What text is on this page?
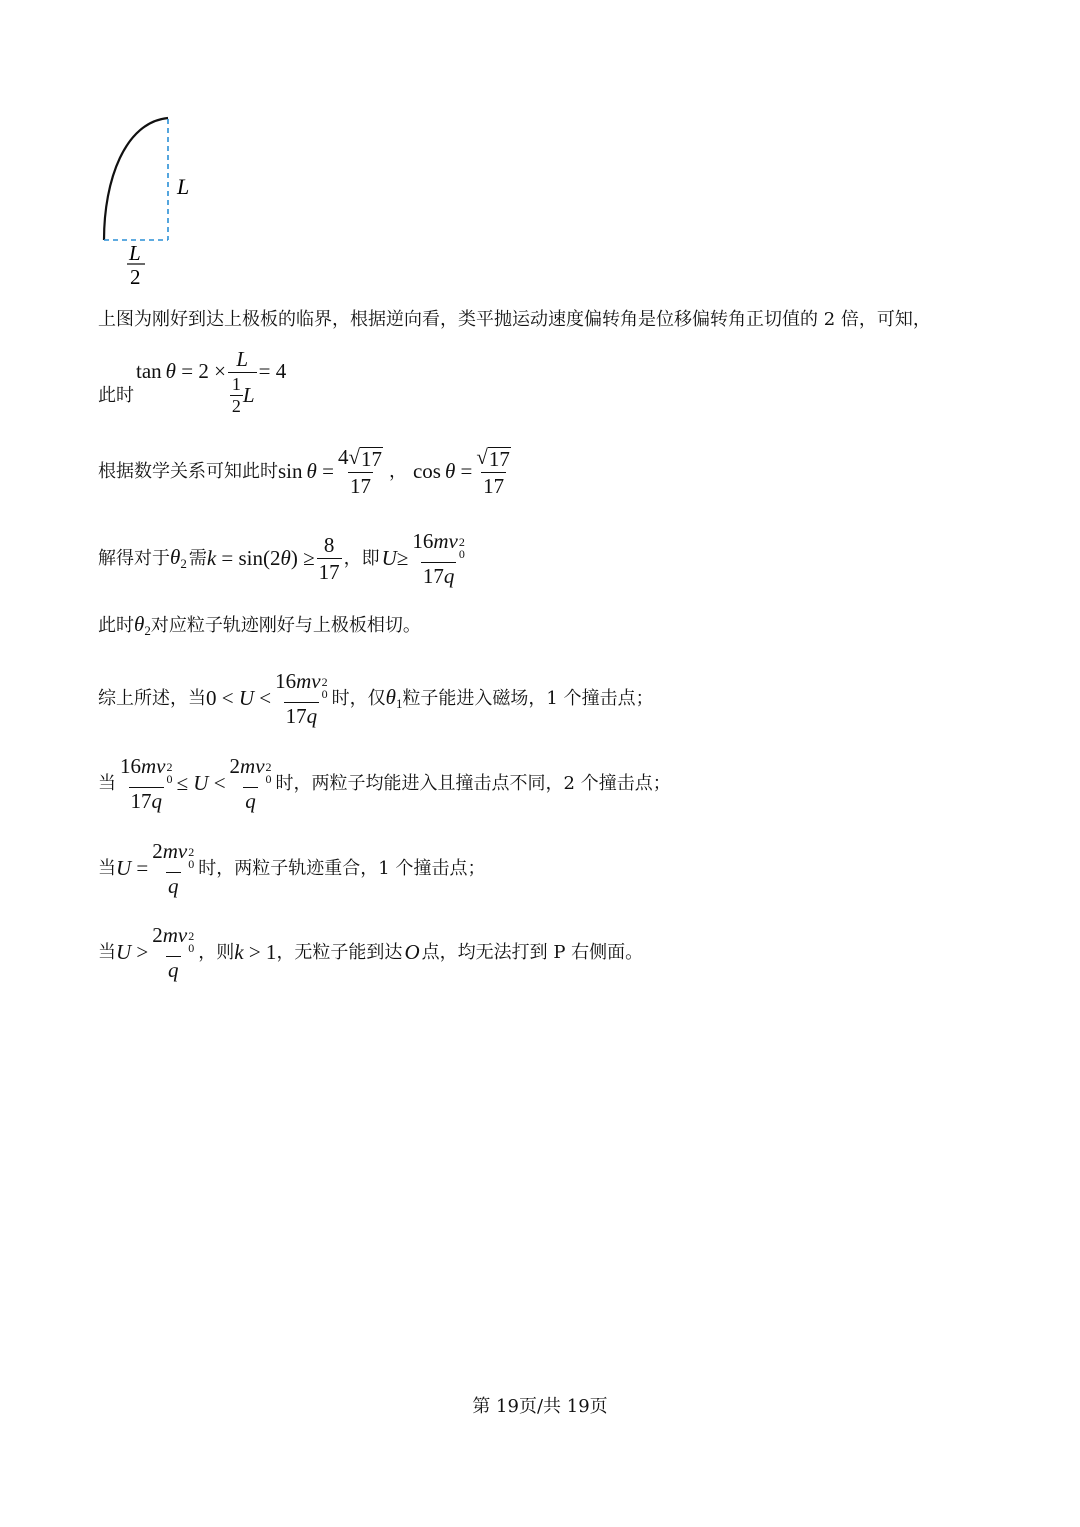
L
L
2
上图为刚好到达上极板的临界，根据逆向看，类平抛运动速度偏转角是位移偏转角正切值的 2 倍，可知，
此时
$\tan \theta = 2 \times \frac{L}{\frac{1}{2} L} = 4$
根据数学关系可知此时 $\sin \theta = \frac{4 √ 17}{17}$ ， $\cos \theta = \frac{√ 17}{17}$
解得对于 $\theta_2$ 需 $k = \sin(2\theta) \ge \frac{8}{17}$ ，即 U ≥ 16mv 2
0
17q
此时 $\theta_2$ 对应粒子轨迹刚好与上极板相切。
综上所述，当 0 < U < 16mv 2
0
17q 时，仅 $\theta_1$ 粒子能进入磁场，1 个撞击点；
当 16mv 2
0
17q ≤ U < 2mv 2
0
q 时，两粒子均能进入且撞击点不同，2 个撞击点；
当 U = 2mv 2
0
q 时，两粒子轨迹重合，1 个撞击点；
当 U > 2mv 2
0
q ，则 k > 1 ，无粒子能到达 O 点，均无法打到 P 右侧面。
第 19页/共 19页
